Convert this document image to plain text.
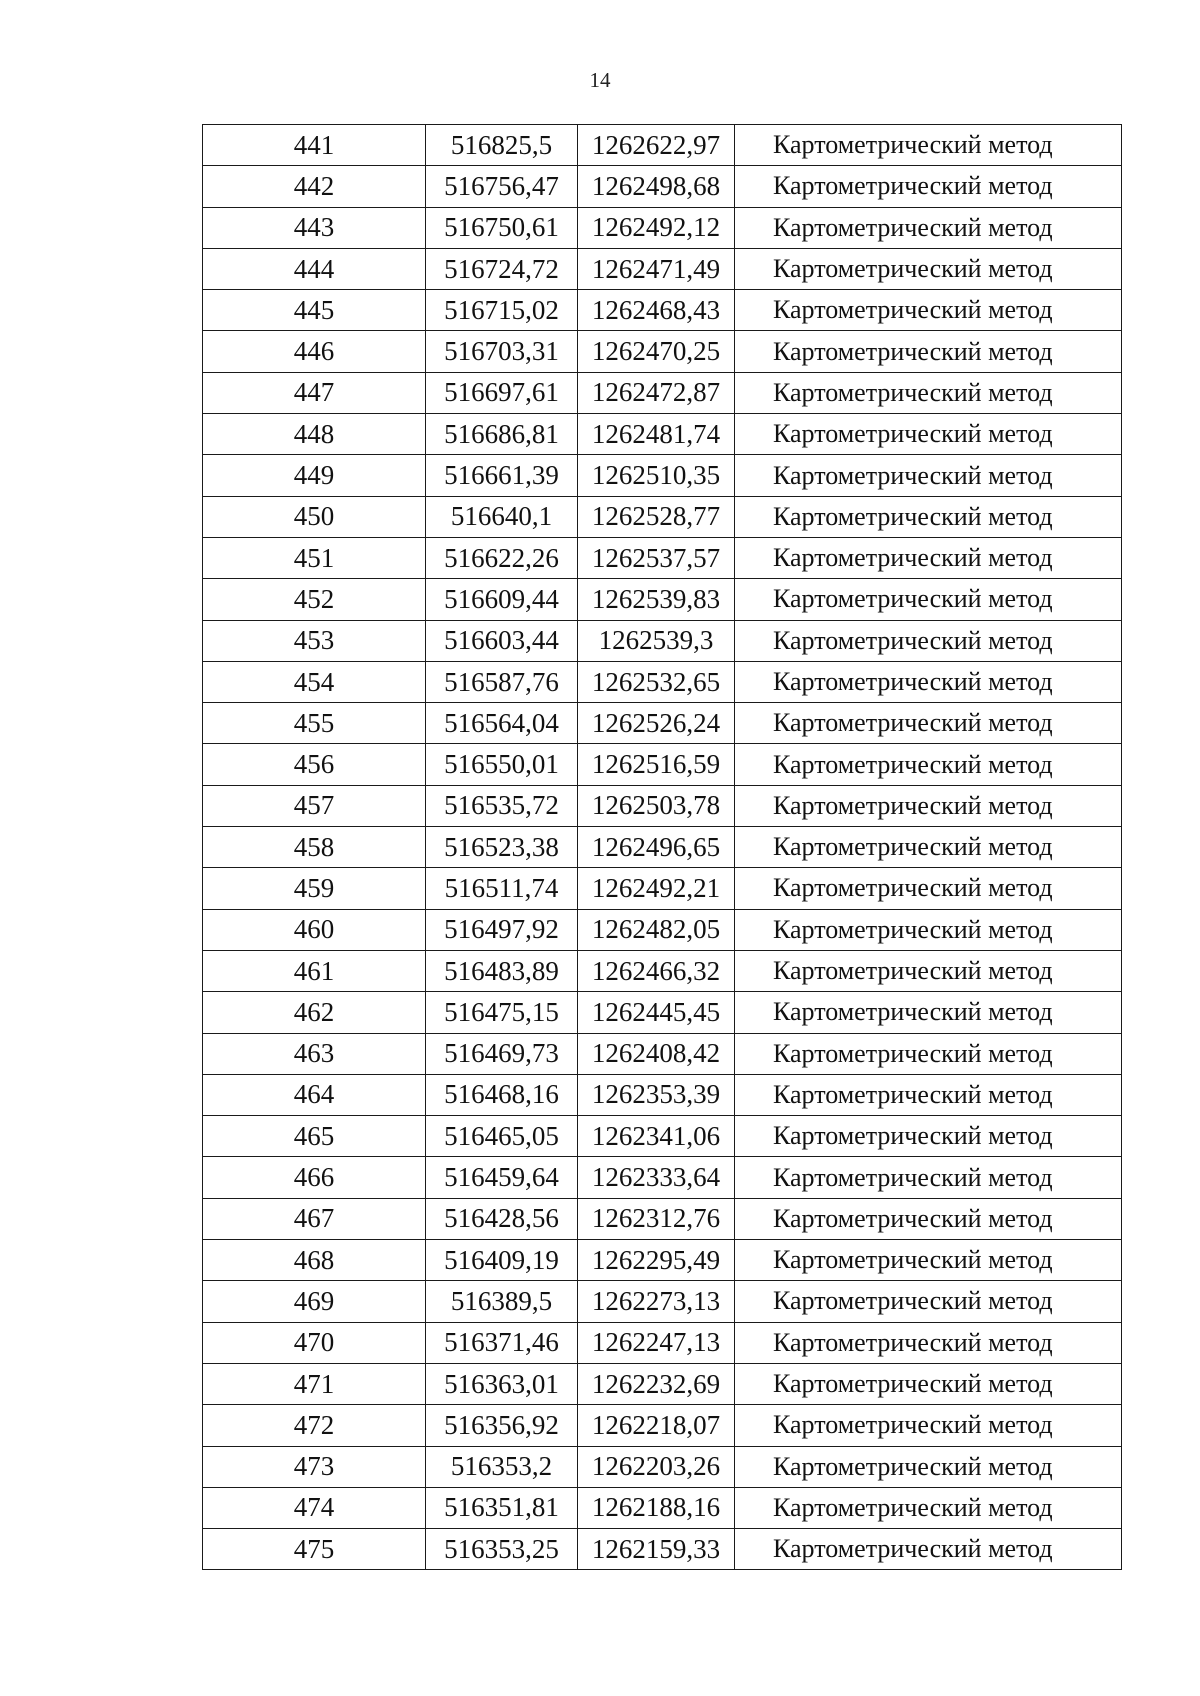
14
441	516825,5	1262622,97	Картометрический метод
442	516756,47	1262498,68	Картометрический метод
443	516750,61	1262492,12	Картометрический метод
444	516724,72	1262471,49	Картометрический метод
445	516715,02	1262468,43	Картометрический метод
446	516703,31	1262470,25	Картометрический метод
447	516697,61	1262472,87	Картометрический метод
448	516686,81	1262481,74	Картометрический метод
449	516661,39	1262510,35	Картометрический метод
450	516640,1	1262528,77	Картометрический метод
451	516622,26	1262537,57	Картометрический метод
452	516609,44	1262539,83	Картометрический метод
453	516603,44	1262539,3	Картометрический метод
454	516587,76	1262532,65	Картометрический метод
455	516564,04	1262526,24	Картометрический метод
456	516550,01	1262516,59	Картометрический метод
457	516535,72	1262503,78	Картометрический метод
458	516523,38	1262496,65	Картометрический метод
459	516511,74	1262492,21	Картометрический метод
460	516497,92	1262482,05	Картометрический метод
461	516483,89	1262466,32	Картометрический метод
462	516475,15	1262445,45	Картометрический метод
463	516469,73	1262408,42	Картометрический метод
464	516468,16	1262353,39	Картометрический метод
465	516465,05	1262341,06	Картометрический метод
466	516459,64	1262333,64	Картометрический метод
467	516428,56	1262312,76	Картометрический метод
468	516409,19	1262295,49	Картометрический метод
469	516389,5	1262273,13	Картометрический метод
470	516371,46	1262247,13	Картометрический метод
471	516363,01	1262232,69	Картометрический метод
472	516356,92	1262218,07	Картометрический метод
473	516353,2	1262203,26	Картометрический метод
474	516351,81	1262188,16	Картометрический метод
475	516353,25	1262159,33	Картометрический метод
